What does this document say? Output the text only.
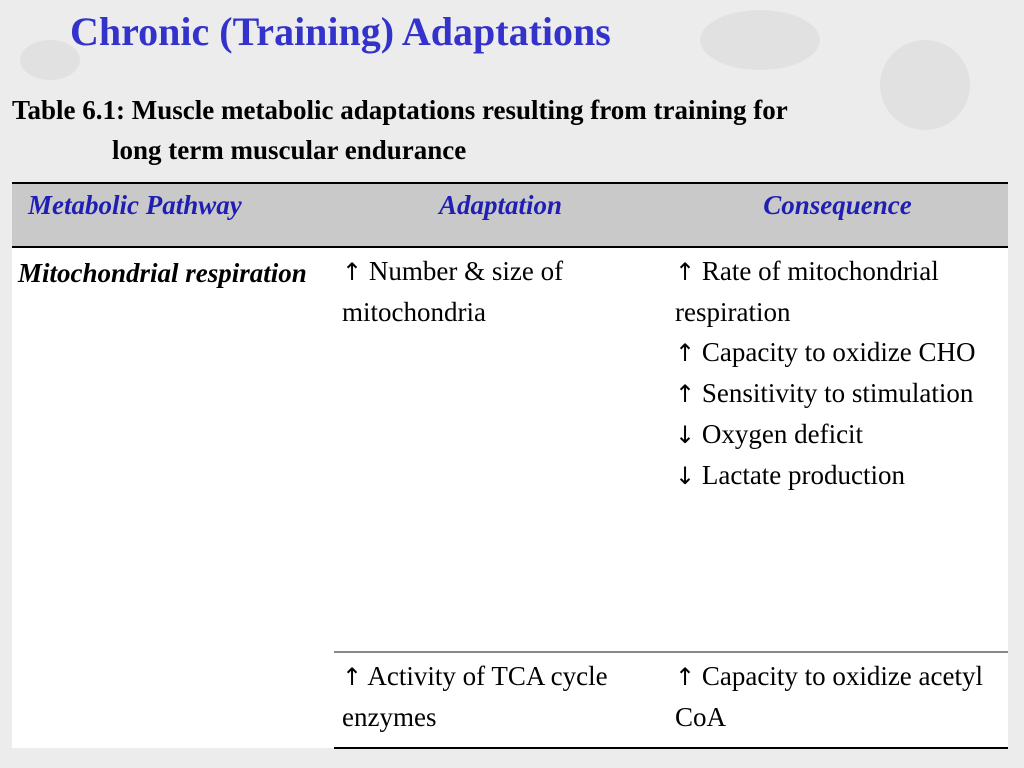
Chronic (Training) Adaptations
Table 6.1: Muscle metabolic adaptations resulting from training for
long term muscular endurance
Metabolic Pathway	Adaptation	Consequence
Mitochondrial respiration	↑ Number & size of mitochondria	↑ Rate of mitochondrial respiration
↑ Capacity to oxidize CHO
↑ Sensitivity to stimulation
↓ Oxygen deficit
↓ Lactate production

	↑ Activity of TCA cycle enzymes	↑ Capacity to oxidize acetyl CoA
